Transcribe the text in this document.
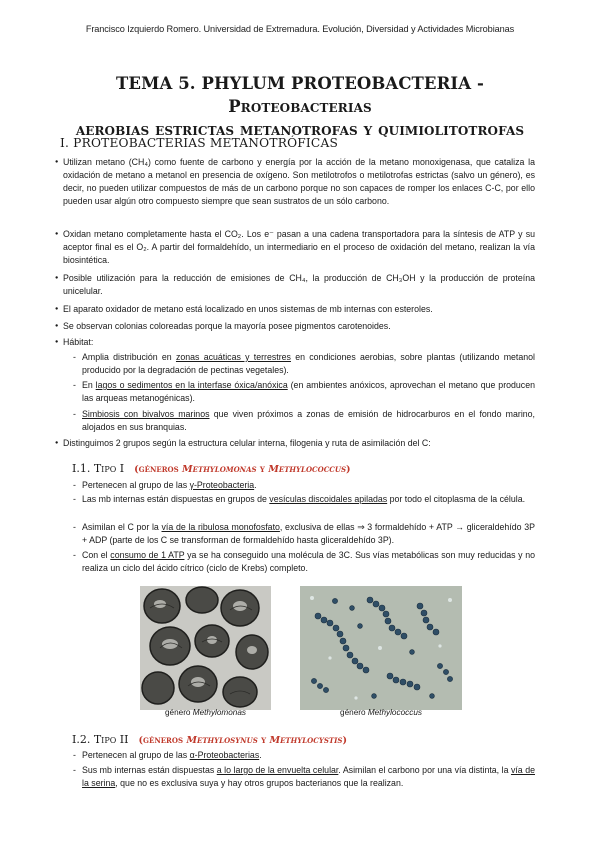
Francisco Izquierdo Romero. Universidad de Extremadura. Evolución, Diversidad y Actividades Microbianas
TEMA 5. PHYLUM PROTEOBACTERIA - Proteobacterias
aerobias estrictas metanotrofas y quimiolitotrofas
I. PROTEOBACTERIAS METANOTRÓFICAS
● Utilizan metano (CH₄) como fuente de carbono y energía por la acción de la metano monoxigenasa, que cataliza la oxidación de metano a metanol en presencia de oxígeno. Son metilotrofos o metilotrofas estrictas (salvo un género), es decir, no pueden utilizar compuestos de más de un carbono porque no son capaces de romper los enlaces C-C, por ello pueden usar algún otro compuesto siempre que sean sustratos de un sólo carbono.
● Oxidan metano completamente hasta el CO₂. Los e⁻ pasan a una cadena transportadora para la síntesis de ATP y su aceptor final es el O₂. A partir del formaldehído, un intermediario en el proceso de oxidación del metano, realizan la vía biosintética.
● Posible utilización para la reducción de emisiones de CH₄, la producción de CH₃OH y la producción de proteína unicelular.
● El aparato oxidador de metano está localizado en unos sistemas de mb internas con esteroles.
● Se observan colonias coloreadas porque la mayoría posee pigmentos carotenoides.
● Hábitat:
- Amplia distribución en zonas acuáticas y terrestres en condiciones aerobias, sobre plantas (utilizando metanol producido por la degradación de pectinas vegetales).
- En lagos o sedimentos en la interfase óxica/anóxica (en ambientes anóxicos, aprovechan el metano que producen las arqueas metanogénicas).
- Simbiosis con bivalvos marinos que viven próximos a zonas de emisión de hidrocarburos en el fondo marino, alojados en sus branquias.
● Distinguimos 2 grupos según la estructura celular interna, filogenia y ruta de asimilación del C:
I.1. Tipo I (géneros Methylomonas y Methylococcus)
- Pertenecen al grupo de las γ-Proteobacteria.
- Las mb internas están dispuestas en grupos de vesículas discoidales apiladas por todo el citoplasma de la célula.
- Asimilan el C por la vía de la ribulosa monofosfato, exclusiva de ellas ⇒ 3 formaldehído + ATP → gliceraldehído 3P + ADP (parte de los C se transforman de formaldehído hasta gliceraldehído 3P).
- Con el consumo de 1 ATP ya se ha conseguido una molécula de 3C. Sus vías metabólicas son muy reducidas y no realiza un ciclo del ácido cítrico (ciclo de Krebs) completo.
género Methylomonas	género Methylococcus
I.2. Tipo II (géneros Methylosynus y Methylocystis)
- Pertenecen al grupo de las α-Proteobacterias.
- Sus mb internas están dispuestas a lo largo de la envuelta celular. Asimilan el carbono por una vía distinta, la vía de la serina, que no es exclusiva suya y hay otros grupos bacterianos que la realizan.
